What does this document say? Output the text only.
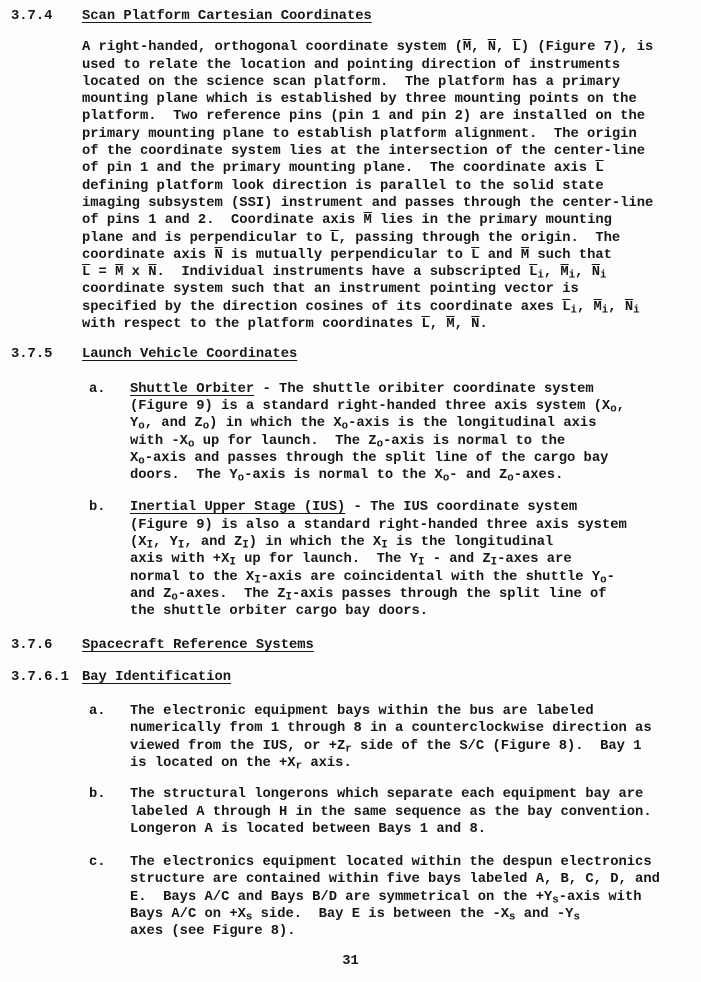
3.7.4	Scan Platform Cartesian Coordinates
A right-handed, orthogonal coordinate system ($\overline{M}$, $\overline{N}$, $\overline{L}$) (Figure 7), is
used to relate the location and pointing direction of instruments
located on the science scan platform.  The platform has a primary
mounting plane which is established by three mounting points on the
platform.  Two reference pins (pin 1 and pin 2) are installed on the
primary mounting plane to establish platform alignment.  The origin
of the coordinate system lies at the intersection of the center-line
of pin 1 and the primary mounting plane.  The coordinate axis $\overline{L}$
defining platform look direction is parallel to the solid state
imaging subsystem (SSI) instrument and passes through the center-line
of pins 1 and 2.  Coordinate axis $\overline{M}$ lies in the primary mounting
plane and is perpendicular to $\overline{L}$, passing through the origin.  The
coordinate axis $\overline{N}$ is mutually perpendicular to $\overline{L}$ and $\overline{M}$ such that
$\overline{L} = \overline{M}$ x $\overline{N}$.  Individual instruments have a subscripted $\overline{L}_i$, $\overline{M}_i$, $\overline{N}_i$
coordinate system such that an instrument pointing vector is
specified by the direction cosines of its coordinate axes $\overline{L}_i$, $\overline{M}_i$, $\overline{N}_i$
with respect to the platform coordinates $\overline{L}$, $\overline{M}$, $\overline{N}$.
3.7.5	Launch Vehicle Coordinates
a.	Shuttle Orbiter - The shuttle oribiter coordinate system
(Figure 9) is a standard right-handed three axis system ($X_o$,
$Y_o$, and $Z_o$) in which the $X_o$-axis is the longitudinal axis
with $-X_o$ up for launch.  The $Z_o$-axis is normal to the
$X_o$-axis and passes through the split line of the cargo bay
doors.  The $Y_o$-axis is normal to the $X_o-$ and $Z_o$-axes.
b.	Inertial Upper Stage (IUS) - The IUS coordinate system
(Figure 9) is also a standard right-handed three axis system
($X_I$, $Y_I$, and $Z_I$) in which the $X_I$ is the longitudinal
axis with $+X_I$ up for launch.  The $Y_I$ - and $Z_I$-axes are
normal to the $X_I$-axis are coincidental with the shuttle $Y_o-$
and $Z_o$-axes.  The $Z_I$-axis passes through the split line of
the shuttle orbiter cargo bay doors.
3.7.6	Spacecraft Reference Systems
3.7.6.1 Bay Identification
a.	The electronic equipment bays within the bus are labeled
numerically from 1 through 8 in a counterclockwise direction as
viewed from the IUS, or $+Z_r$ side of the S/C (Figure 8).  Bay 1
is located on the $+X_r$ axis.
b.	The structural longerons which separate each equipment bay are
labeled A through H in the same sequence as the bay convention.
Longeron A is located between Bays 1 and 8.
c.	The electronics equipment located within the despun electronics
structure are contained within five bays labeled A, B, C, D, and
E.  Bays A/C and Bays B/D are symmetrical on the $+Y_s$-axis with
Bays A/C on $+X_s$ side.  Bay E is between the $-X_s$ and $-Y_s$
axes (see Figure 8).
31
